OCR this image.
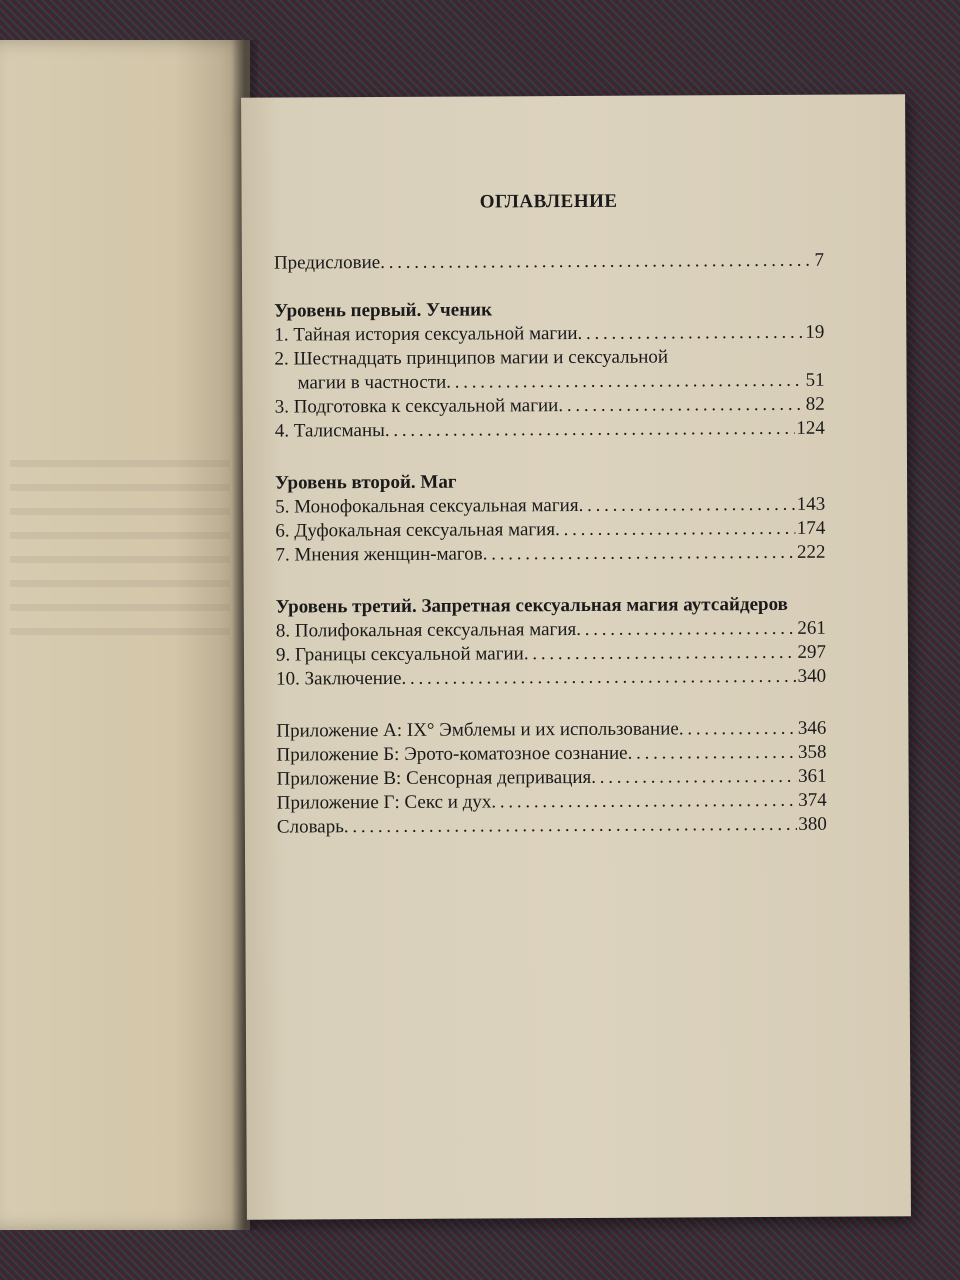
ОГЛАВЛЕНИЕ
Предисловие . . .	7
Уровень первый. Ученик
1. Тайная история сексуальной магии . . .	19
2. Шестнадцать принципов магии и сексуальной
магии в частности . . .	51
3. Подготовка к сексуальной магии . . .	82
4. Талисманы . . .	124
Уровень второй. Маг
5. Монофокальная сексуальная магия . . .	143
6. Дуфокальная сексуальная магия . . .	174
7. Мнения женщин-магов . . .	222
Уровень третий. Запретная сексуальная магия аутсайдеров
8. Полифокальная сексуальная магия . . .	261
9. Границы сексуальной магии . . .	297
10. Заключение . . .	340
Приложение А: IX° Эмблемы и их использование . . .	346
Приложение Б: Эрото-коматозное сознание . . .	358
Приложение В: Сенсорная депривация . . .	361
Приложение Г: Секс и дух . . .	374
Словарь . . .	380
